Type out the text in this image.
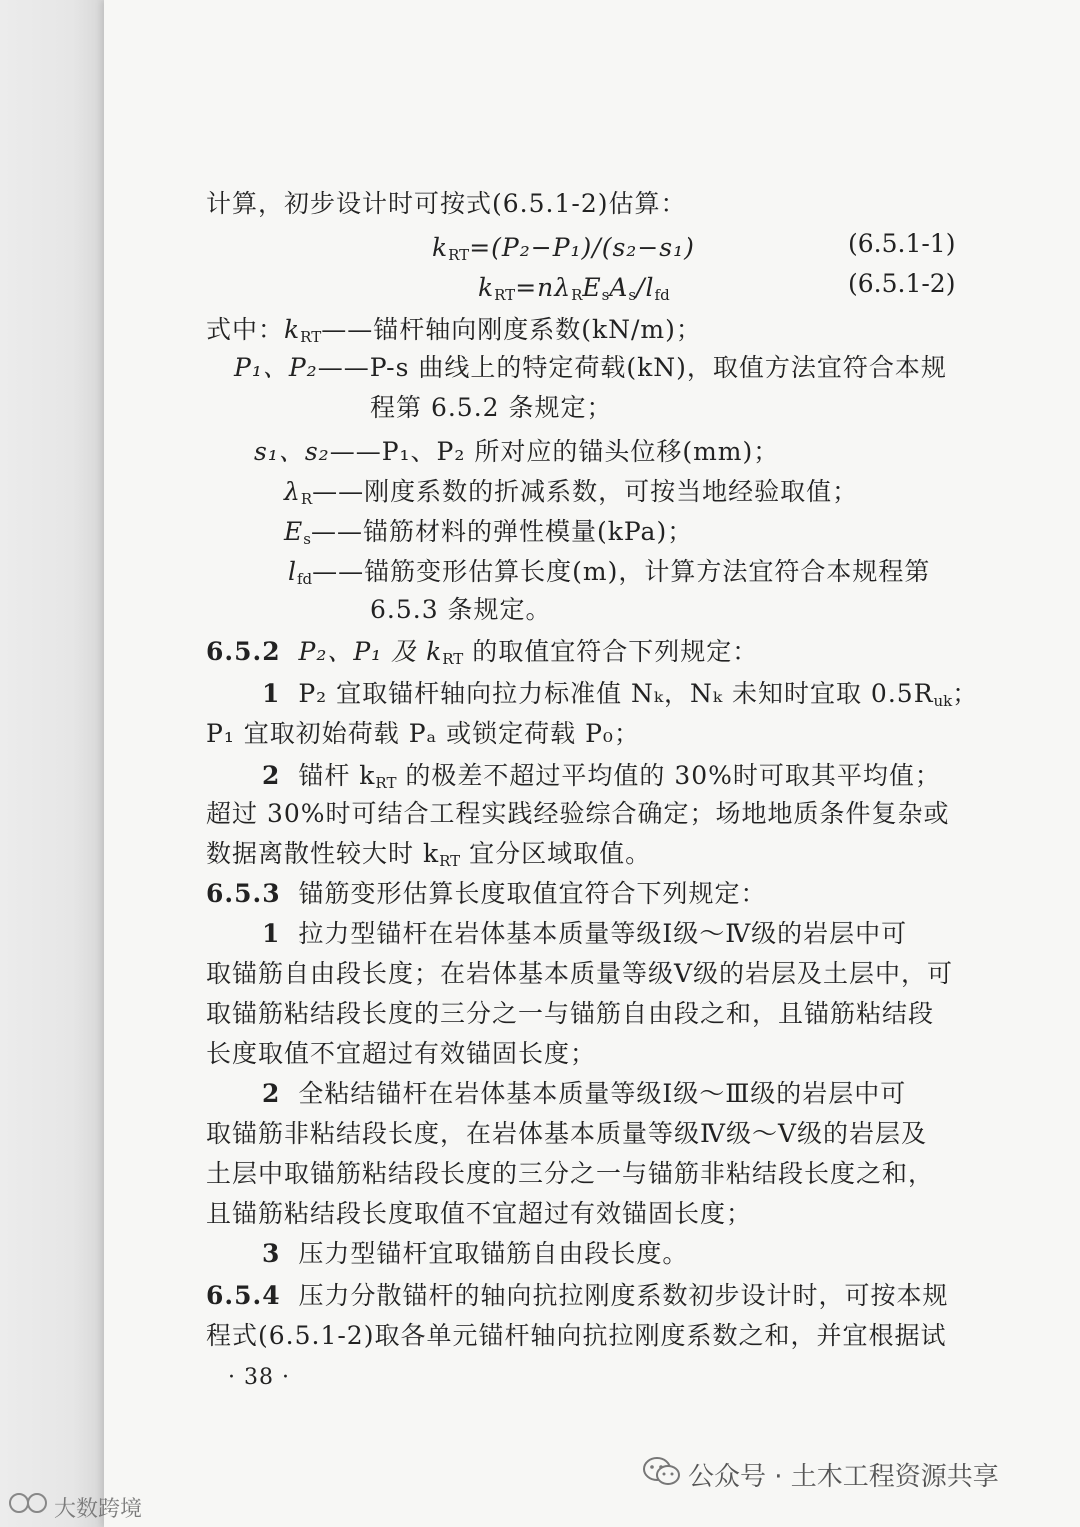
计算，初步设计时可按式(6.5.1-2)估算：
$k_{RT}=(P_2-P_1)/(s_2-s_1)$	(6.5.1-1)
$k_{RT}=n\lambda_RE_sA_s/l_{fd}$	(6.5.1-2)
式中：$k_{RT}——$锚杆轴向刚度系数(kN/m)；
P₁、P₂——P-s 曲线上的特定荷载(kN)，取值方法宜符合本规
程第 6.5.2 条规定；
s₁、s₂——P₁、P₂ 所对应的锚头位移(mm)；
$\lambda_R——$刚度系数的折减系数，可按当地经验取值；
$E_s——$锚筋材料的弹性模量(kPa)；
$l_{fd}——$锚筋变形估算长度(m)，计算方法宜符合本规程第
6.5.3 条规定。
6.5.2 P₂、P₁ 及 $k_{RT}$ 的取值宜符合下列规定：
1 P₂ 宜取锚杆轴向拉力标准值 Nₖ，Nₖ 未知时宜取 $0.5R_{uk}$；
P₁ 宜取初始荷载 Pₐ 或锁定荷载 P₀；
2 锚杆 $k_{RT}$ 的极差不超过平均值的 30%时可取其平均值；
超过 30%时可结合工程实践经验综合确定；场地地质条件复杂或
数据离散性较大时 $k_{RT}$ 宜分区域取值。
6.5.3 锚筋变形估算长度取值宜符合下列规定：
1 拉力型锚杆在岩体基本质量等级Ⅰ级～Ⅳ级的岩层中可
取锚筋自由段长度；在岩体基本质量等级Ⅴ级的岩层及土层中，可
取锚筋粘结段长度的三分之一与锚筋自由段之和，且锚筋粘结段
长度取值不宜超过有效锚固长度；
2 全粘结锚杆在岩体基本质量等级Ⅰ级～Ⅲ级的岩层中可
取锚筋非粘结段长度，在岩体基本质量等级Ⅳ级～Ⅴ级的岩层及
土层中取锚筋粘结段长度的三分之一与锚筋非粘结段长度之和，
且锚筋粘结段长度取值不宜超过有效锚固长度；
3 压力型锚杆宜取锚筋自由段长度。
6.5.4 压力分散锚杆的轴向抗拉刚度系数初步设计时，可按本规
程式(6.5.1-2)取各单元锚杆轴向抗拉刚度系数之和，并宜根据试
· 38 ·
公众号 · 土木工程资源共享
大数跨境
